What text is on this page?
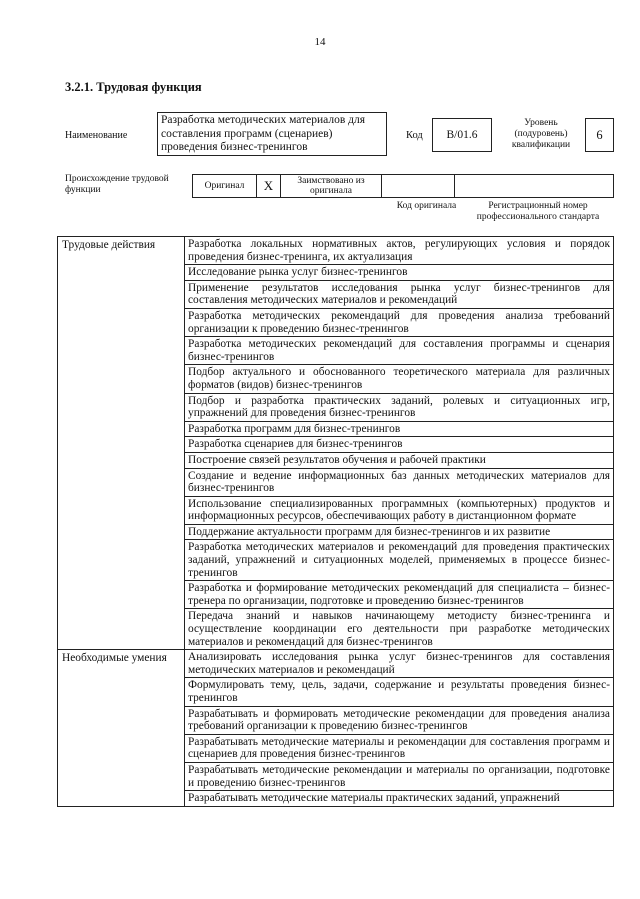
14
3.2.1. Трудовая функция
Наименование
Разработка методических материалов для составления программ (сценариев) проведения бизнес-тренингов
Код	B/01.6
Уровень (подуровень) квалификации
6
Происхождение трудовой функции	Оригинал	X	Заимствовано из оригинала
Код оригинала	Регистрационный номер профессионального стандарта
Трудовые действия	Разработка локальных нормативных актов, регулирующих условия и порядок проведения бизнес-тренинга, их актуализация
	Исследование рынка услуг бизнес-тренингов
	Применение результатов исследования рынка услуг бизнес-тренингов для составления методических материалов и рекомендаций
	Разработка методических рекомендаций для проведения анализа требований организации к проведению бизнес-тренингов
	Разработка методических рекомендаций для составления программы и сценария бизнес-тренингов
	Подбор актуального и обоснованного теоретического материала для различных форматов (видов) бизнес-тренингов
	Подбор и разработка практических заданий, ролевых и ситуационных игр, упражнений для проведения бизнес-тренингов
	Разработка программ для бизнес-тренингов
	Разработка сценариев для бизнес-тренингов
	Построение связей результатов обучения и рабочей практики
	Создание и ведение информационных баз данных методических материалов для бизнес-тренингов
	Использование специализированных программных (компьютерных) продуктов и информационных ресурсов, обеспечивающих работу в дистанционном формате
	Поддержание актуальности программ для бизнес-тренингов и их развитие
	Разработка методических материалов и рекомендаций для проведения практических заданий, упражнений и ситуационных моделей, применяемых в процессе бизнес-тренингов
	Разработка и формирование методических рекомендаций для специалиста – бизнес-тренера по организации, подготовке и проведению бизнес-тренингов
	Передача знаний и навыков начинающему методисту бизнес-тренинга и осуществление координации его деятельности при разработке методических материалов и рекомендаций для бизнес-тренингов
Необходимые умения	Анализировать исследования рынка услуг бизнес-тренингов для составления методических материалов и рекомендаций
	Формулировать тему, цель, задачи, содержание и результаты проведения бизнес-тренингов
	Разрабатывать и формировать методические рекомендации для проведения анализа требований организации к проведению бизнес-тренингов
	Разрабатывать методические материалы и рекомендации для составления программ и сценариев для проведения бизнес-тренингов
	Разрабатывать методические рекомендации и материалы по организации, подготовке и проведению бизнес-тренингов
	Разрабатывать методические материалы практических заданий, упражнений
